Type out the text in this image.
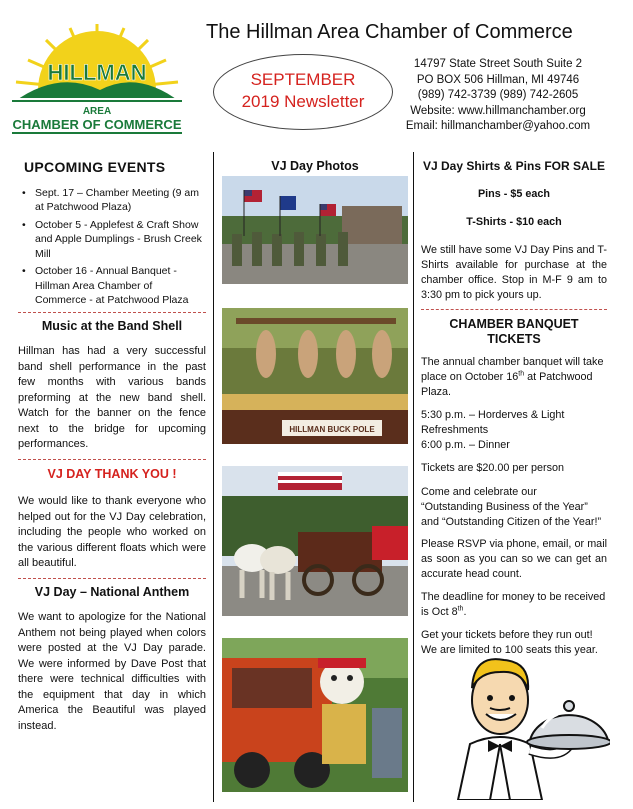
HILLMAN
AREA
CHAMBER OF COMMERCE
The Hillman Area Chamber of Commerce
SEPTEMBER
2019 Newsletter
14797 State Street South Suite 2
PO BOX 506 Hillman, MI 49746
(989) 742-3739 (989) 742-2605
Website: www.hillmanchamber.org
Email: hillmanchamber@yahoo.com
UPCOMING EVENTS
• Sept. 17 – Chamber Meeting (9 am at Patchwood Plaza)
• October 5 - Applefest & Craft Show and Apple Dumplings - Brush Creek Mill
• October 16 - Annual Banquet - Hillman Area Chamber of Commerce - at Patchwood Plaza
Music at the Band Shell

Hillman has had a very successful band shell performance in the past few months with various bands preforming at the new band shell. Watch for the banner on the fence next to the bridge for upcoming performances.

VJ DAY THANK YOU !

We would like to thank everyone who helped out for the VJ Day celebration, including the people who worked on the various different floats which were all beautiful.

VJ Day – National Anthem

We want to apologize for the National Anthem not being played when colors were posted at the VJ Day parade. We were informed by Dave Post that there were technical difficulties with the equipment that day in which America the Beautiful was played instead.

VJ Day Photos
HILLMAN BUCK POLE
VJ Day Shirts & Pins FOR SALE

Pins - $5 each

T-Shirts - $10 each

We still have some VJ Day Pins and T-Shirts available for purchase at the chamber office. Stop in M-F 9 am to 3:30 pm to pick yours up.

CHAMBER BANQUET TICKETS

The annual chamber banquet will take place on October 16th at Patchwood Plaza.

5:30 p.m. – Horderves & Light Refreshments

6:00 p.m. – Dinner

Tickets are $20.00 per person

Come and celebrate our

“Outstanding Business of the Year”

and “Outstanding Citizen of the Year!”

Please RSVP via phone, email, or mail as soon as you can so we can get an accurate head count.

The deadline for money to be received is Oct 8th.

Get your tickets before they run out!

We are limited to 100 seats this year.
